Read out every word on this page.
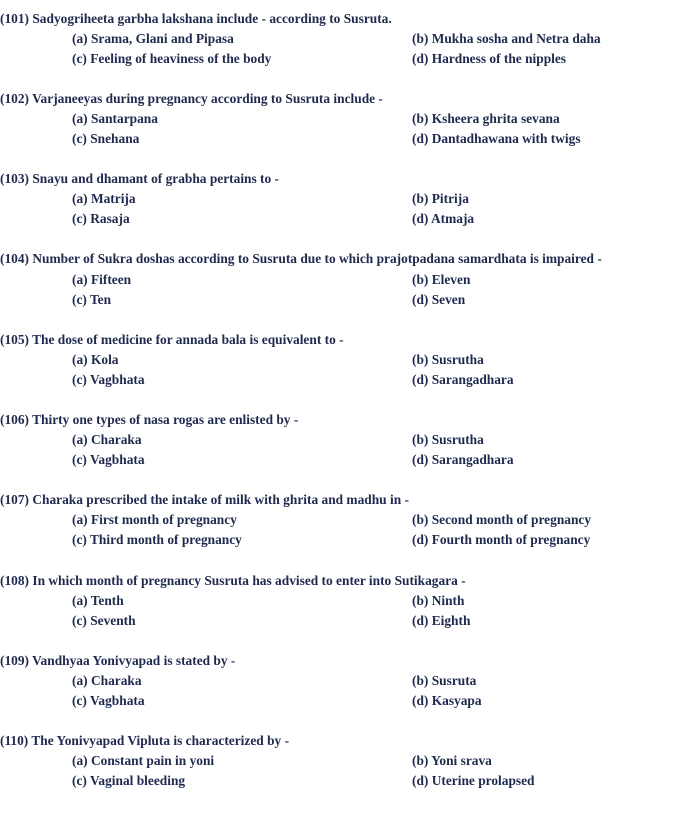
(101) Sadyogriheeta garbha lakshana include - according to Susruta.
(a) Srama, Glani and Pipasa	(b) Mukha sosha and Netra daha
(c) Feeling of heaviness of the body	(d) Hardness of the nipples
(102) Varjaneeyas during pregnancy according to Susruta include -
(a) Santarpana	(b) Ksheera ghrita sevana
(c) Snehana	(d) Dantadhawana with twigs
(103) Snayu and dhamant of grabha pertains to -
(a) Matrija	(b) Pitrija
(c) Rasaja	(d) Atmaja
(104) Number of Sukra doshas according to Susruta due to which prajotpadana samardhata is impaired -
(a) Fifteen	(b) Eleven
(c) Ten	(d) Seven
(105) The dose of medicine for annada bala is equivalent to -
(a) Kola	(b) Susrutha
(c) Vagbhata	(d) Sarangadhara
(106) Thirty one types of nasa rogas are enlisted by -
(a) Charaka	(b) Susrutha
(c) Vagbhata	(d) Sarangadhara
(107) Charaka prescribed the intake of milk with ghrita and madhu in -
(a) First month of pregnancy	(b) Second month of pregnancy
(c) Third month of pregnancy	(d) Fourth month of pregnancy
(108) In which month of pregnancy Susruta has advised to enter into Sutikagara -
(a) Tenth	(b) Ninth
(c) Seventh	(d) Eighth
(109) Vandhyaa Yonivyapad is stated by -
(a) Charaka	(b) Susruta
(c) Vagbhata	(d) Kasyapa
(110) The Yonivyapad Vipluta is characterized by -
(a) Constant pain in yoni	(b) Yoni srava
(c) Vaginal bleeding	(d) Uterine prolapsed
